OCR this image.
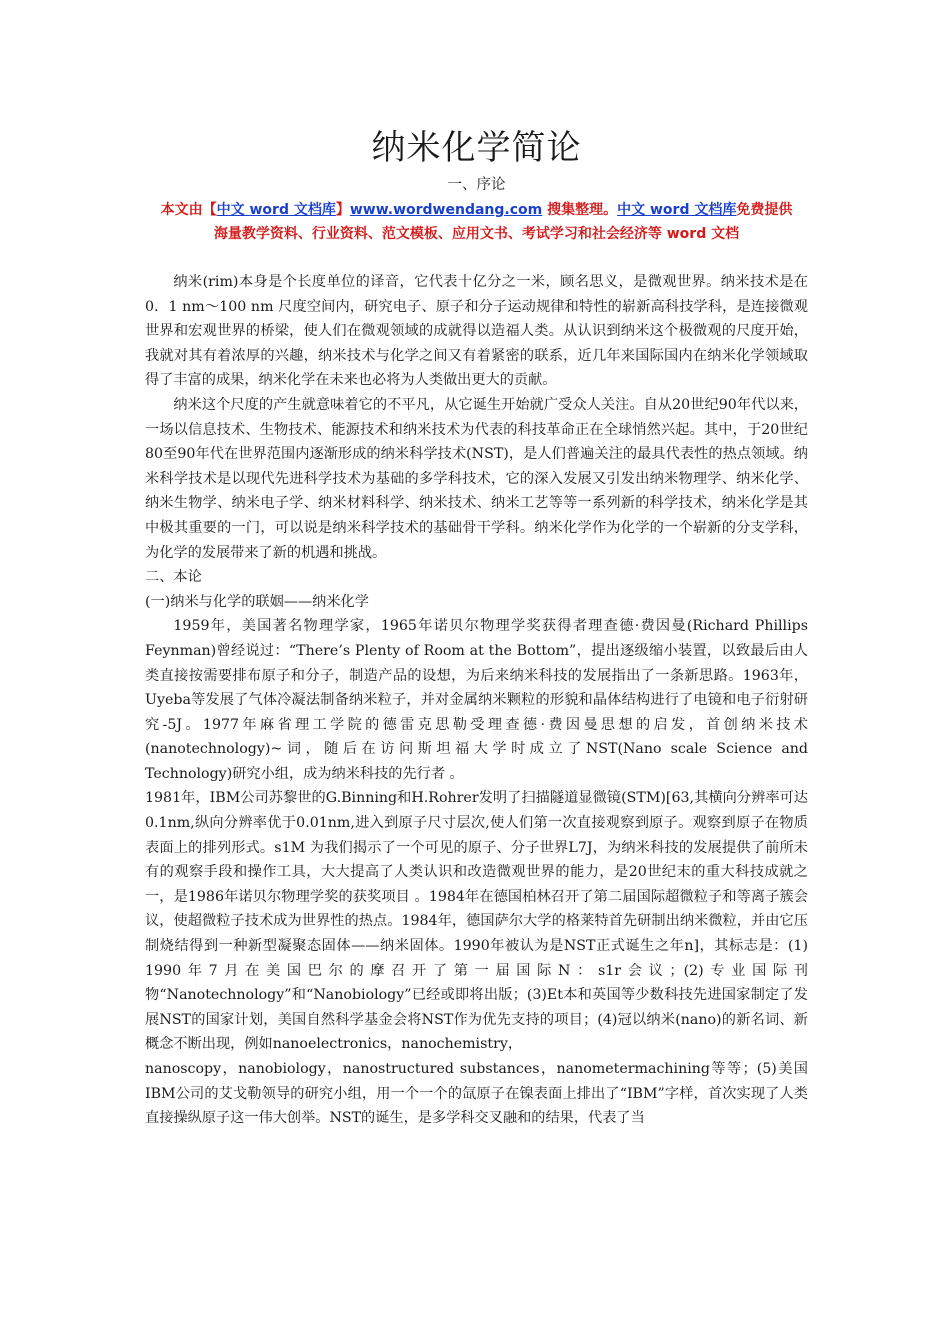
纳米化学简论
一、序论
本文由【中文 word 文档库】www.wordwendang.com 搜集整理。中文 word 文档库免费提供
海量教学资料、行业资料、范文模板、应用文书、考试学习和社会经济等 word 文档

纳米(rim)本身是个长度单位的译音，它代表十亿分之一米，顾名思义，是微观世界。纳米技术是在0．1 nm～100 nm 尺度空间内，研究电子、原子和分子运动规律和特性的崭新高科技学科，是连接微观世界和宏观世界的桥梁，使人们在微观领域的成就得以造福人类。从认识到纳米这个极微观的尺度开始，我就对其有着浓厚的兴趣，纳米技术与化学之间又有着紧密的联系，近几年来国际国内在纳米化学领域取得了丰富的成果，纳米化学在未来也必将为人类做出更大的贡献。

纳米这个尺度的产生就意味着它的不平凡，从它诞生开始就广受众人关注。自从20世纪90年代以来，一场以信息技术、生物技术、能源技术和纳米技术为代表的科技革命正在全球悄然兴起。其中，于20世纪80至90年代在世界范围内逐渐形成的纳米科学技术(NST)，是人们普遍关注的最具代表性的热点领域。纳米科学技术是以现代先进科学技术为基础的多学科技术，它的深入发展又引发出纳米物理学、纳米化学、纳米生物学、纳米电子学、纳米材料科学、纳米技术、纳米工艺等等一系列新的科学技术，纳米化学是其中极其重要的一门，可以说是纳米科学技术的基础骨干学科。纳米化学作为化学的一个崭新的分支学科，为化学的发展带来了新的机遇和挑战。

二、本论

(一)纳米与化学的联姻——纳米化学

1959年，美国著名物理学家，1965年诺贝尔物理学奖获得者理查德·费因曼(Richard Phillips Feynman)曾经说过：“There’s Plenty of Room at the Bottom”，提出逐级缩小装置，以致最后由人类直接按需要排布原子和分子，制造产品的设想，为后来纳米科技的发展指出了一条新思路。1963年，Uyeba等发展了气体冷凝法制备纳米粒子，并对金属纳米颗粒的形貌和晶体结构进行了电镜和电子衍射研究-5J。1977年麻省理工学院的德雷克思勒受理查德·费因曼思想的启发，首创纳米技术 (nanotechnology)~词，随后在访问斯坦福大学时成立了NST(Nano scale Science and Technology)研究小组，成为纳米科技的先行者 。

1981年，IBM公司苏黎世的G.Binning和H.Rohrer发明了扫描隧道显微镜(STM)[63,其横向分辨率可达0.1nm,纵向分辨率优于0.01nm,进入到原子尺寸层次,使人们第一次直接观察到原子。观察到原子在物质表面上的排列形式。s1M 为我们揭示了一个可见的原子、分子世界L7J，为纳米科技的发展提供了前所未有的观察手段和操作工具，大大提高了人类认识和改造微观世界的能力，是20世纪末的重大科技成就之一，是1986年诺贝尔物理学奖的获奖项目 。1984年在德国柏林召开了第二届国际超微粒子和等离子簇会议，使超微粒子技术成为世界性的热点。1984年，德国萨尔大学的格莱特首先研制出纳米微粒，并由它压制烧结得到一种新型凝聚态固体——纳米固体。1990年被认为是NST正式诞生之年n]，其标志是：(1) 1990年7月在美国巴尔的摩召开了第一届国际N：s1r会议；(2)专业国际刊物“Nanotechnology”和“Nanobiology”已经或即将出版；(3)Et本和英国等少数科技先进国家制定了发展NST的国家计划，美国自然科学基金会将NST作为优先支持的项目；(4)冠以纳米(nano)的新名词、新概念不断出现，例如nanoelectronics，nanochemistry，

nanoscopy，nanobiology，nanostructured substances，nanometermachining等等；(5)美国IBM公司的艾戈勒领导的研究小组，用一个一个的氙原子在镍表面上排出了“IBM”字样，首次实现了人类直接操纵原子这一伟大创举。NST的诞生，是多学科交叉融和的结果，代表了当
